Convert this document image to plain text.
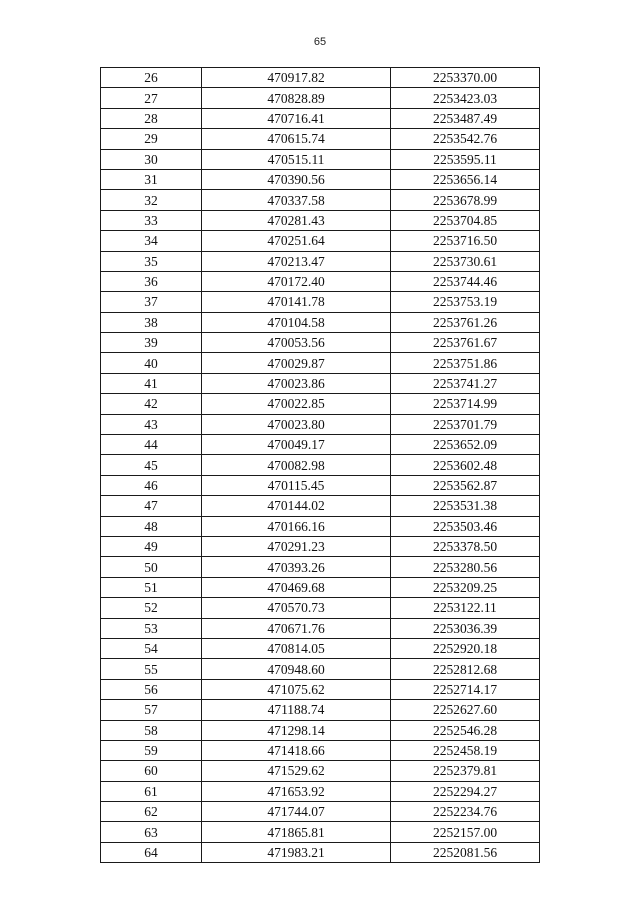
65
26	470917.82	2253370.00
27	470828.89	2253423.03
28	470716.41	2253487.49
29	470615.74	2253542.76
30	470515.11	2253595.11
31	470390.56	2253656.14
32	470337.58	2253678.99
33	470281.43	2253704.85
34	470251.64	2253716.50
35	470213.47	2253730.61
36	470172.40	2253744.46
37	470141.78	2253753.19
38	470104.58	2253761.26
39	470053.56	2253761.67
40	470029.87	2253751.86
41	470023.86	2253741.27
42	470022.85	2253714.99
43	470023.80	2253701.79
44	470049.17	2253652.09
45	470082.98	2253602.48
46	470115.45	2253562.87
47	470144.02	2253531.38
48	470166.16	2253503.46
49	470291.23	2253378.50
50	470393.26	2253280.56
51	470469.68	2253209.25
52	470570.73	2253122.11
53	470671.76	2253036.39
54	470814.05	2252920.18
55	470948.60	2252812.68
56	471075.62	2252714.17
57	471188.74	2252627.60
58	471298.14	2252546.28
59	471418.66	2252458.19
60	471529.62	2252379.81
61	471653.92	2252294.27
62	471744.07	2252234.76
63	471865.81	2252157.00
64	471983.21	2252081.56
